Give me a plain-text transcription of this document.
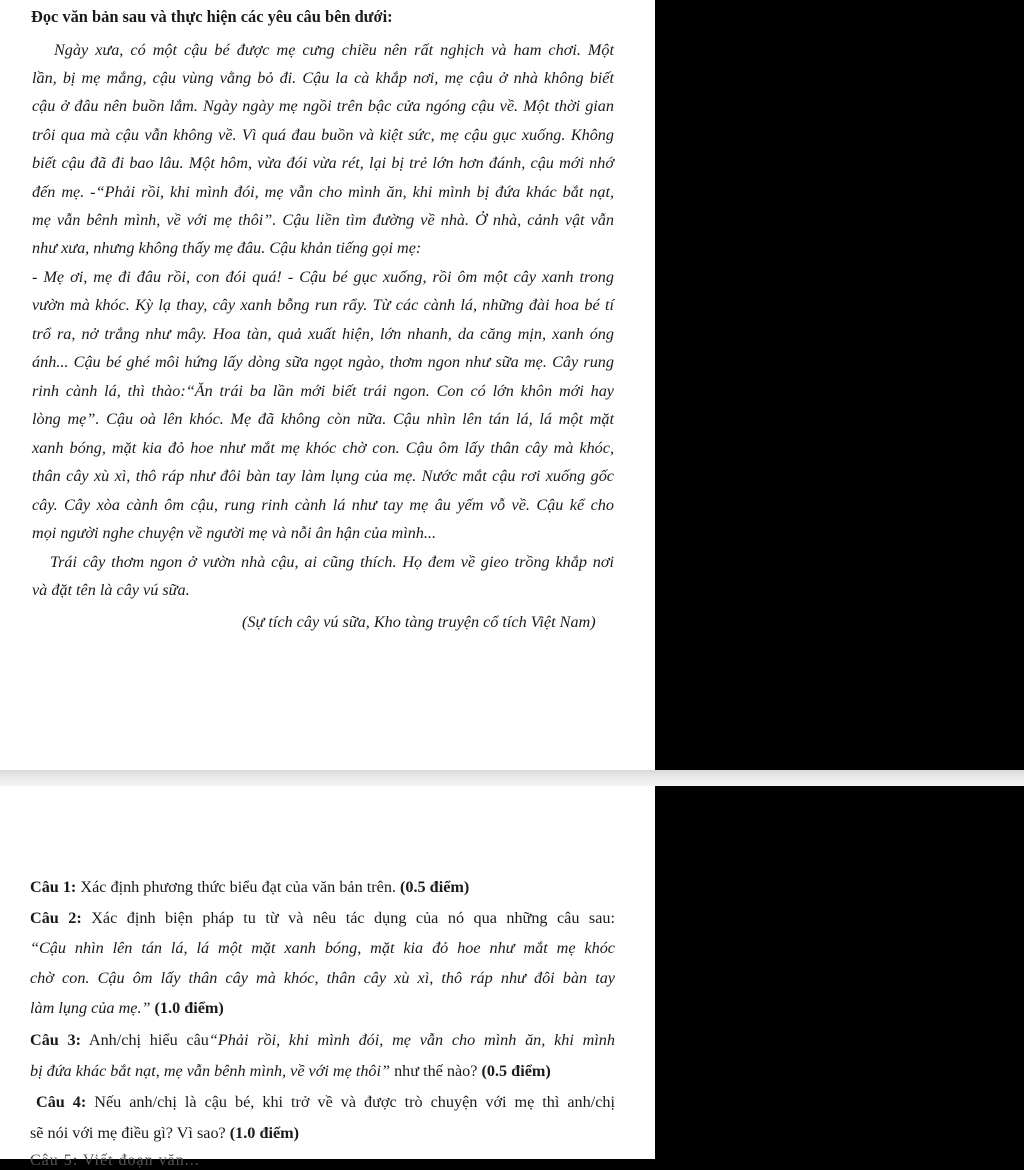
Đọc văn bản sau và thực hiện các yêu câu bên dưới:
Ngày xưa, có một cậu bé được mẹ cưng chiều nên rất nghịch và ham chơi. Một
lần, bị mẹ mắng, cậu vùng vằng bỏ đi. Cậu la cà khắp nơi, mẹ cậu ở nhà không biết
cậu ở đâu nên buồn lắm. Ngày ngày mẹ ngồi trên bậc cửa ngóng cậu về. Một thời gian
trôi qua mà cậu vẫn không về. Vì quá đau buồn và kiệt sức, mẹ cậu gục xuống. Không
biết cậu đã đi bao lâu. Một hôm, vừa đói vừa rét, lại bị trẻ lớn hơn đánh, cậu mới nhớ
đến mẹ. -“Phải rồi, khi mình đói, mẹ vẫn cho mình ăn, khi mình bị đứa khác bắt nạt,
mẹ vẫn bênh mình, về với mẹ thôi”. Cậu liền tìm đường về nhà. Ở nhà, cảnh vật vẫn
như xưa, nhưng không thấy mẹ đâu. Cậu khản tiếng gọi mẹ:
- Mẹ ơi, mẹ đi đâu rồi, con đói quá! - Cậu bé gục xuống, rồi ôm một cây xanh trong
vườn mà khóc. Kỳ lạ thay, cây xanh bỗng run rẩy. Từ các cành lá, những đài hoa bé tí
trổ ra, nở trắng như mây. Hoa tàn, quả xuất hiện, lớn nhanh, da căng mịn, xanh óng
ánh... Cậu bé ghé môi hứng lấy dòng sữa ngọt ngào, thơm ngon như sữa mẹ. Cây rung
rinh cành lá, thì thào:“Ăn trái ba lần mới biết trái ngon. Con có lớn khôn mới hay
lòng mẹ”. Cậu oà lên khóc. Mẹ đã không còn nữa. Cậu nhìn lên tán lá, lá một mặt
xanh bóng, mặt kia đỏ hoe như mắt mẹ khóc chờ con. Cậu ôm lấy thân cây mà khóc,
thân cây xù xì, thô ráp như đôi bàn tay làm lụng của mẹ. Nước mắt cậu rơi xuống gốc
cây. Cây xòa cành ôm cậu, rung rinh cành lá như tay mẹ âu yếm vỗ về. Cậu kể cho
mọi người nghe chuyện về người mẹ và nỗi ân hận của mình...
Trái cây thơm ngon ở vườn nhà cậu, ai cũng thích. Họ đem về gieo trồng khắp nơi
và đặt tên là cây vú sữa.
(Sự tích cây vú sữa, Kho tàng truyện cổ tích Việt Nam)
Câu 1: Xác định phương thức biểu đạt của văn bản trên. (0.5 điểm)
Câu 2: Xác định biện pháp tu từ và nêu tác dụng của nó qua những câu sau:
“Cậu nhìn lên tán lá, lá một mặt xanh bóng, mặt kia đỏ hoe như mắt mẹ khóc
chờ con. Cậu ôm lấy thân cây mà khóc, thân cây xù xì, thô ráp như đôi bàn tay
làm lụng của mẹ.” (1.0 điểm)
Câu 3: Anh/chị hiểu câu“Phải rồi, khi mình đói, mẹ vẫn cho mình ăn, khi mình
bị đứa khác bắt nạt, mẹ vẫn bênh mình, về với mẹ thôi” như thế nào? (0.5 điểm)
Câu 4: Nếu anh/chị là cậu bé, khi trở về và được trò chuyện với mẹ thì anh/chị
sẽ nói với mẹ điều gì? Vì sao? (1.0 điểm)
Câu 5: Viết đoạn văn...
